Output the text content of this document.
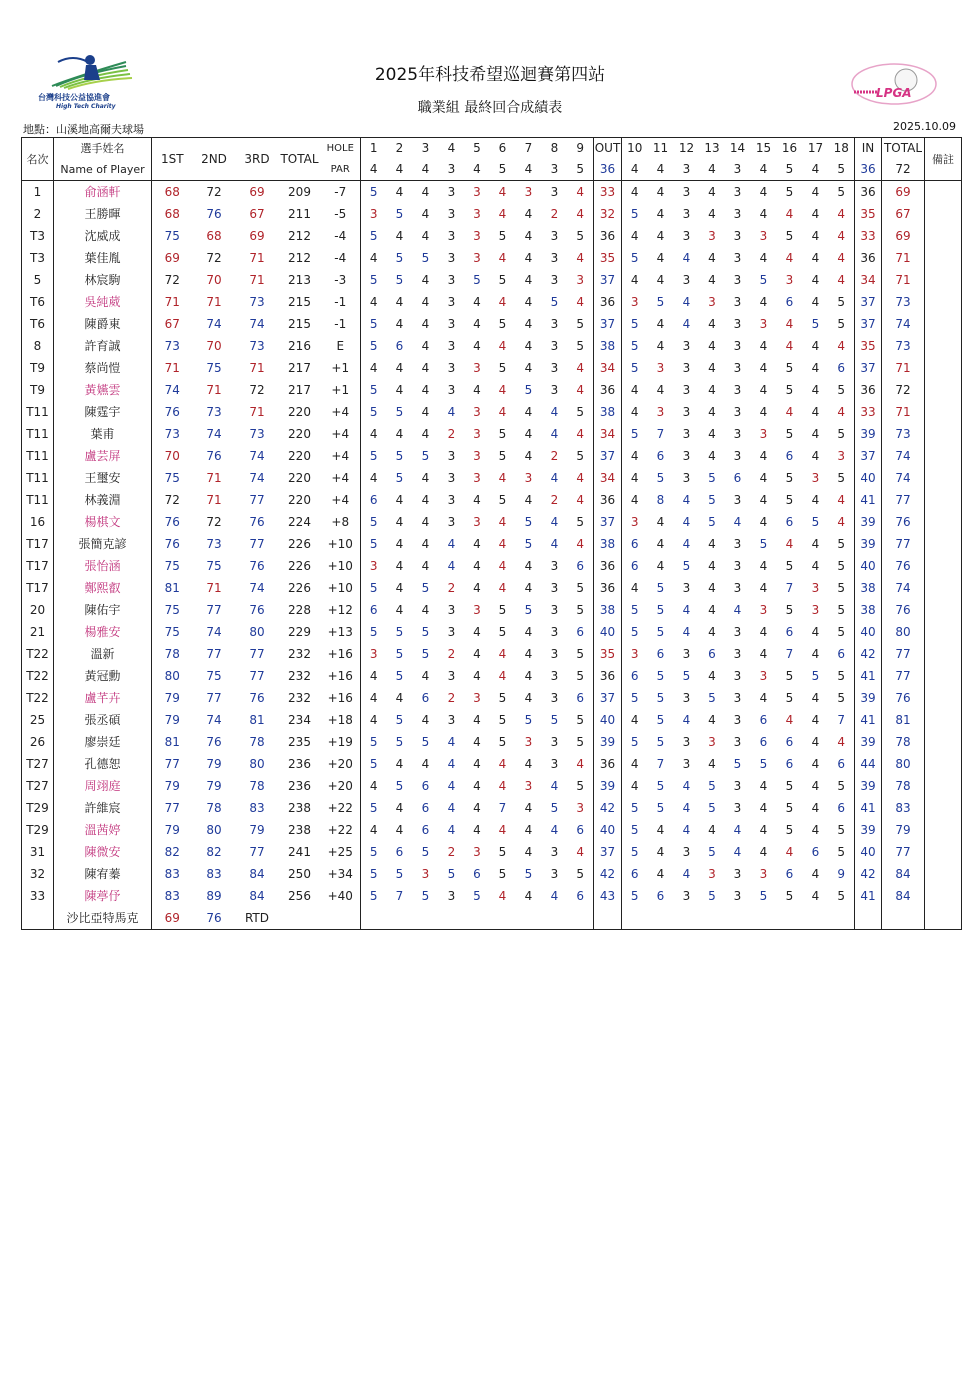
台灣科技公益協進會
High Tech Charity
LPGA
2025年科技希望巡迴賽第四站
職業組 最終回合成績表
地點：山溪地高爾夫球場	2025.10.09
名次	選手姓名	1ST	2ND	3RD	TOTAL	HOLE	1	2	3	4	5	6	7	8	9	OUT	10	11	12	13	14	15	16	17	18	IN	TOTAL	備註
	Name of Player					PAR	4	4	4	3	4	5	4	3	5	36	4	4	3	4	3	4	5	4	5	36	72	
1	俞涵軒	68	72	69	209	-7	5	4	4	3	3	4	3	3	4	33	4	4	3	4	3	4	5	4	5	36	69	
2	王勝暉	68	76	67	211	-5	3	5	4	3	3	4	4	2	4	32	5	4	3	4	3	4	4	4	4	35	67	
T3	沈威成	75	68	69	212	-4	5	4	4	3	3	5	4	3	5	36	4	4	3	3	3	3	5	4	4	33	69	
T3	葉佳胤	69	72	71	212	-4	4	5	5	3	3	4	4	3	4	35	5	4	4	4	3	4	4	4	4	36	71	
5	林宸駒	72	70	71	213	-3	5	5	4	3	5	5	4	3	3	37	4	4	3	4	3	5	3	4	4	34	71	
T6	吳純葳	71	71	73	215	-1	4	4	4	3	4	4	4	5	4	36	3	5	4	3	3	4	6	4	5	37	73	
T6	陳爵東	67	74	74	215	-1	5	4	4	3	4	5	4	3	5	37	5	4	4	4	3	3	4	5	5	37	74	
8	許育誠	73	70	73	216	E	5	6	4	3	4	4	4	3	5	38	5	4	3	4	3	4	4	4	4	35	73	
T9	蔡尚愷	71	75	71	217	+1	4	4	4	3	3	5	4	3	4	34	5	3	3	4	3	4	5	4	6	37	71	
T9	黃嬿雲	74	71	72	217	+1	5	4	4	3	4	4	5	3	4	36	4	4	3	4	3	4	5	4	5	36	72	
T11	陳霆宇	76	73	71	220	+4	5	5	4	4	3	4	4	4	5	38	4	3	3	4	3	4	4	4	4	33	71	
T11	葉甫	73	74	73	220	+4	4	4	4	2	3	5	4	4	4	34	5	7	3	4	3	3	5	4	5	39	73	
T11	盧芸屏	70	76	74	220	+4	5	5	5	3	3	5	4	2	5	37	4	6	3	4	3	4	6	4	3	37	74	
T11	王璽安	75	71	74	220	+4	4	5	4	3	3	4	3	4	4	34	4	5	3	5	6	4	5	3	5	40	74	
T11	林義淵	72	71	77	220	+4	6	4	4	3	4	5	4	2	4	36	4	8	4	5	3	4	5	4	4	41	77	
16	楊棋文	76	72	76	224	+8	5	4	4	3	3	4	5	4	5	37	3	4	4	5	4	4	6	5	4	39	76	
T17	張簡克諺	76	73	77	226	+10	5	4	4	4	4	4	5	4	4	38	6	4	4	4	3	5	4	4	5	39	77	
T17	張怡涵	75	75	76	226	+10	3	4	4	4	4	4	4	3	6	36	6	4	5	4	3	4	5	4	5	40	76	
T17	鄭熙叡	81	71	74	226	+10	5	4	5	2	4	4	4	3	5	36	4	5	3	4	3	4	7	3	5	38	74	
20	陳佑宇	75	77	76	228	+12	6	4	4	3	3	5	5	3	5	38	5	5	4	4	4	3	5	3	5	38	76	
21	楊雅安	75	74	80	229	+13	5	5	5	3	4	5	4	3	6	40	5	5	4	4	3	4	6	4	5	40	80	
T22	溫新	78	77	77	232	+16	3	5	5	2	4	4	4	3	5	35	3	6	3	6	3	4	7	4	6	42	77	
T22	黃冠勳	80	75	77	232	+16	4	5	4	3	4	4	4	3	5	36	6	5	5	4	3	3	5	5	5	41	77	
T22	盧芊卉	79	77	76	232	+16	4	4	6	2	3	5	4	3	6	37	5	5	3	5	3	4	5	4	5	39	76	
25	張丞碩	79	74	81	234	+18	4	5	4	3	4	5	5	5	5	40	4	5	4	4	3	6	4	4	7	41	81	
26	廖崇廷	81	76	78	235	+19	5	5	5	4	4	5	3	3	5	39	5	5	3	3	3	6	6	4	4	39	78	
T27	孔德恕	77	79	80	236	+20	5	4	4	4	4	4	4	3	4	36	4	7	3	4	5	5	6	4	6	44	80	
T27	周翊庭	79	79	78	236	+20	4	5	6	4	4	4	3	4	5	39	4	5	4	5	3	4	5	4	5	39	78	
T29	許維宸	77	78	83	238	+22	5	4	6	4	4	7	4	5	3	42	5	5	4	5	3	4	5	4	6	41	83	
T29	溫茜婷	79	80	79	238	+22	4	4	6	4	4	4	4	4	6	40	5	4	4	4	4	4	5	4	5	39	79	
31	陳微安	82	82	77	241	+25	5	6	5	2	3	5	4	3	4	37	5	4	3	5	4	4	4	6	5	40	77	
32	陳宥蓁	83	83	84	250	+34	5	5	3	5	6	5	5	3	5	42	6	4	4	3	3	3	6	4	9	42	84	
33	陳葶伃	83	89	84	256	+40	5	7	5	3	5	4	4	4	6	43	5	6	3	5	3	5	5	4	5	41	84	
	沙比亞特馬克	69	76	RTD																								
